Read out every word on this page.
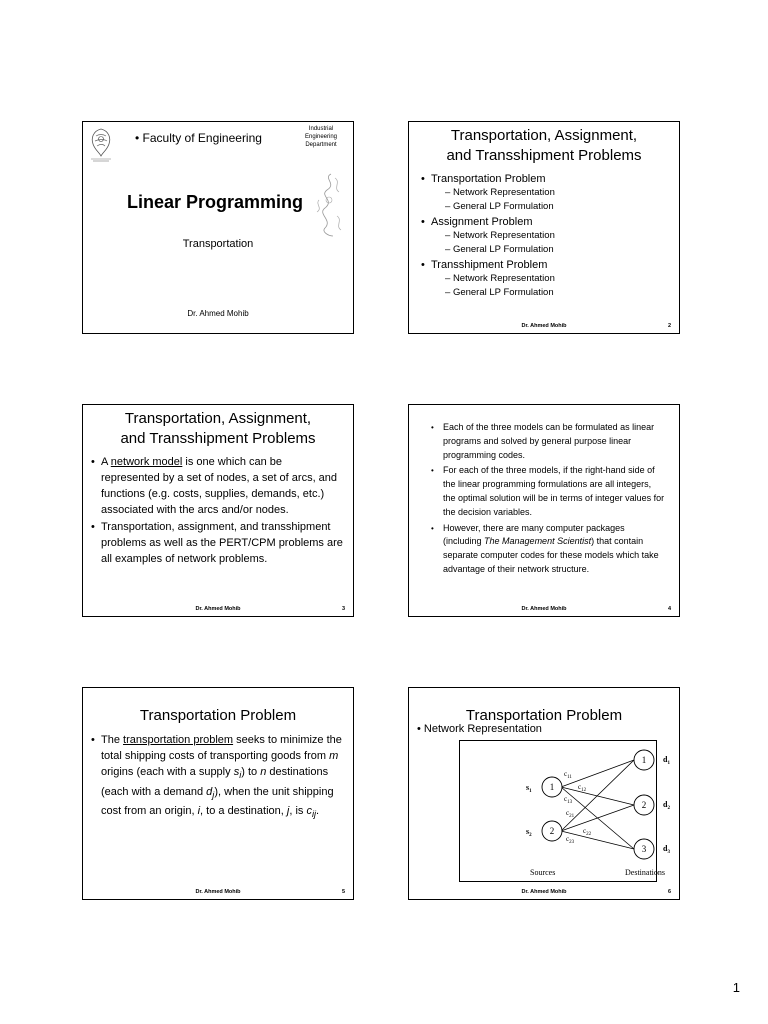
• Faculty of Engineering
Industrial
Engineering
Department
Linear Programming
Transportation
Dr. Ahmed Mohib
Transportation, Assignment,
and Transshipment Problems
• Transportation Problem
– Network Representation
– General LP Formulation
• Assignment Problem
– Network Representation
– General LP Formulation
• Transshipment Problem
– Network Representation
– General LP Formulation
Dr. Ahmed Mohib	2
Transportation, Assignment,
and Transshipment Problems
• A network model is one which can be represented by a set of nodes, a set of arcs, and functions (e.g. costs, supplies, demands, etc.) associated with the arcs and/or nodes.
• Transportation, assignment, and transshipment problems as well as the PERT/CPM problems are all examples of network problems.
Dr. Ahmed Mohib	3
• Each of the three models can be formulated as linear programs and solved by general purpose linear programming codes.
• For each of the three models, if the right-hand side of the linear programming formulations are all integers, the optimal solution will be in terms of integer values for the decision variables.
• However, there are many computer packages (including The Management Scientist) that contain separate computer codes for these models which take advantage of their network structure.
Dr. Ahmed Mohib	4
Transportation Problem
• The transportation problem seeks to minimize the total shipping costs of transporting goods from m origins (each with a supply $s_i$) to n destinations (each with a demand $d_j$), when the unit shipping cost from an origin, i, to a destination, j, is $c_{ij}$.
Dr. Ahmed Mohib	5
Transportation Problem
• Network Representation
1
2
1
2
3
$s_1$
$s_2$
$d_1$
$d_2$
$d_3$
$c_{11}$
$c_{12}$
$c_{13}$
$c_{21}$
$c_{22}$
$c_{23}$
Sources	Destinations
Dr. Ahmed Mohib	6
1
